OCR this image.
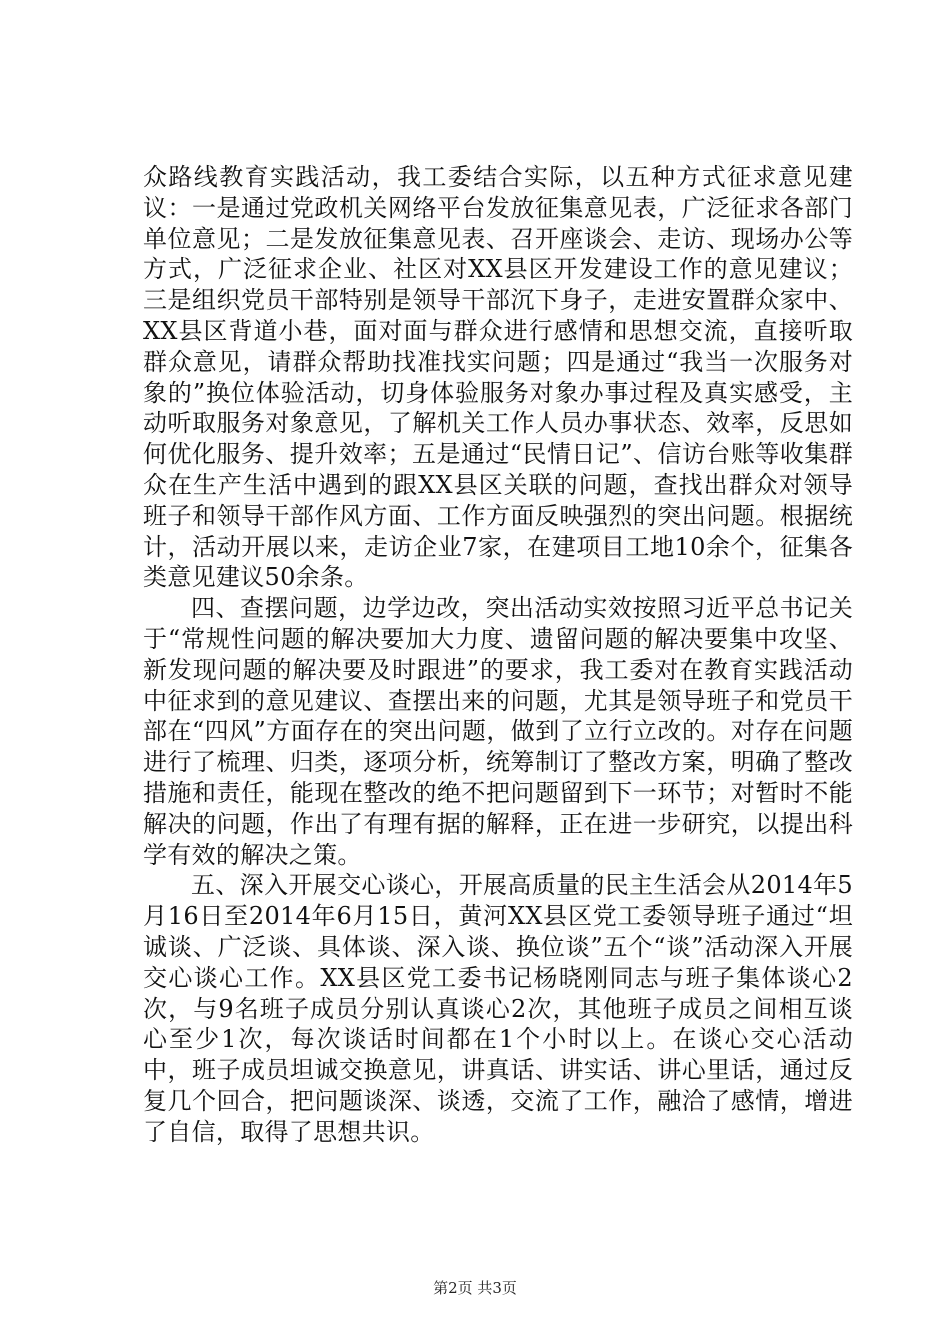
众路线教育实践活动，我工委结合实际，以五种方式征求意见建议：一是通过党政机关网络平台发放征集意见表，广泛征求各部门单位意见；二是发放征集意见表、召开座谈会、走访、现场办公等方式，广泛征求企业、社区对XX县区开发建设工作的意见建议；三是组织党员干部特别是领导干部沉下身子，走进安置群众家中、XX县区背道小巷，面对面与群众进行感情和思想交流，直接听取群众意见，请群众帮助找准找实问题；四是通过“我当一次服务对象的”换位体验活动，切身体验服务对象办事过程及真实感受，主动听取服务对象意见，了解机关工作人员办事状态、效率，反思如何优化服务、提升效率；五是通过“民情日记”、信访台账等收集群众在生产生活中遇到的跟XX县区关联的问题，查找出群众对领导班子和领导干部作风方面、工作方面反映强烈的突出问题。根据统计，活动开展以来，走访企业7家，在建项目工地10余个，征集各类意见建议50余条。

四、查摆问题，边学边改，突出活动实效按照习近平总书记关于“常规性问题的解决要加大力度、遗留问题的解决要集中攻坚、新发现问题的解决要及时跟进”的要求，我工委对在教育实践活动中征求到的意见建议、查摆出来的问题，尤其是领导班子和党员干部在“四风”方面存在的突出问题，做到了立行立改的。对存在问题进行了梳理、归类，逐项分析，统筹制订了整改方案，明确了整改措施和责任，能现在整改的绝不把问题留到下一环节；对暂时不能解决的问题，作出了有理有据的解释，正在进一步研究，以提出科学有效的解决之策。

五、深入开展交心谈心，开展高质量的民主生活会从2014年5月16日至2014年6月15日，黄河XX县区党工委领导班子通过“坦诚谈、广泛谈、具体谈、深入谈、换位谈”五个“谈”活动深入开展交心谈心工作。XX县区党工委书记杨晓刚同志与班子集体谈心2次，与9名班子成员分别认真谈心2次，其他班子成员之间相互谈心至少1次，每次谈话时间都在1个小时以上。在谈心交心活动中，班子成员坦诚交换意见，讲真话、讲实话、讲心里话，通过反复几个回合，把问题谈深、谈透，交流了工作，融洽了感情，增进了自信，取得了思想共识。

第2页 共3页
